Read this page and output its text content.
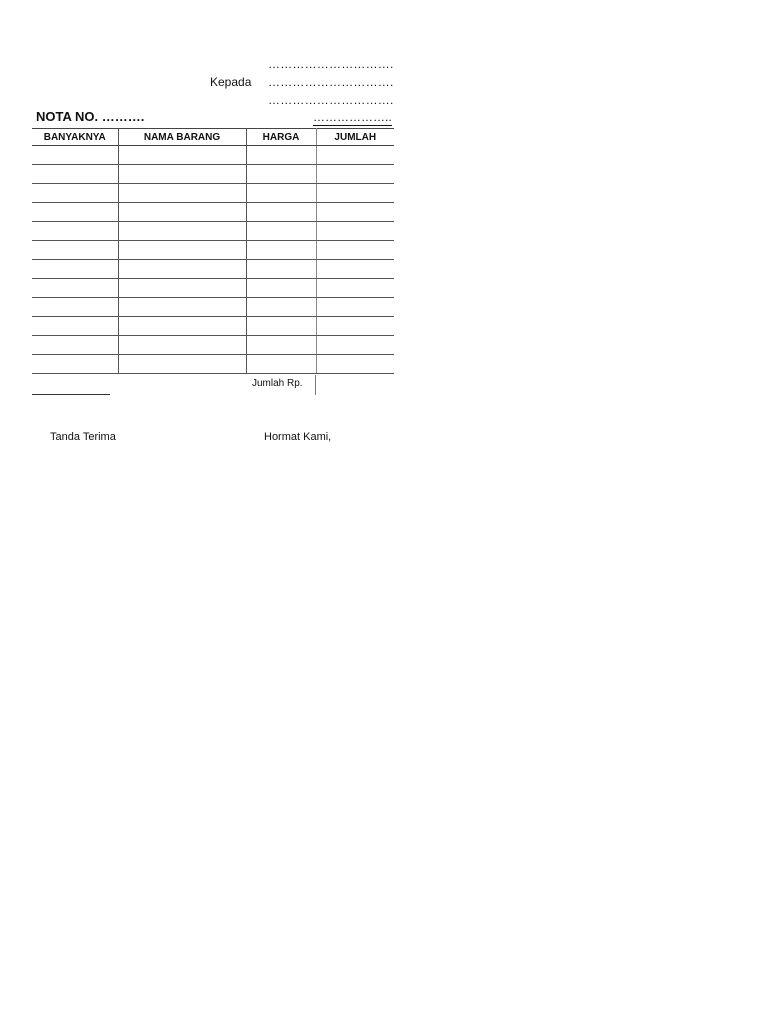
………………………….
Kepada ………………………….
………………………….
NOTA NO. ……….	………………..
BANYAKNYA	NAMA BARANG	HARGA	JUMLAH

Jumlah Rp.
Tanda Terima	Hormat Kami,
